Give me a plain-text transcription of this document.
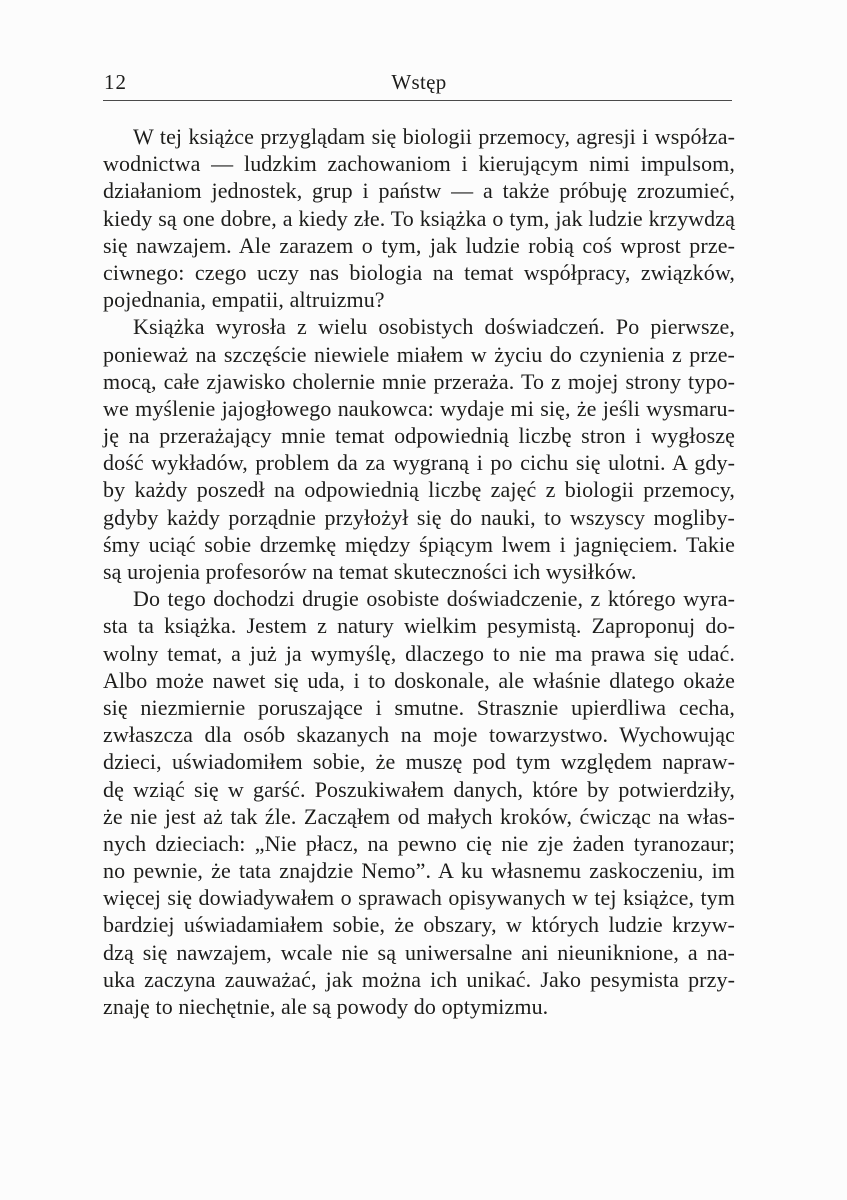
12	Wstęp
W tej książce przyglądam się biologii przemocy, agresji i współza-
wodnictwa — ludzkim zachowaniom i kierującym nimi impulsom,
działaniom jednostek, grup i państw — a także próbuję zrozumieć,
kiedy są one dobre, a kiedy złe. To książka o tym, jak ludzie krzywdzą
się nawzajem. Ale zarazem o tym, jak ludzie robią coś wprost prze-
ciwnego: czego uczy nas biologia na temat współpracy, związków,
pojednania, empatii, altruizmu?
Książka wyrosła z wielu osobistych doświadczeń. Po pierwsze,
ponieważ na szczęście niewiele miałem w życiu do czynienia z prze-
mocą, całe zjawisko cholernie mnie przeraża. To z mojej strony typo-
we myślenie jajogłowego naukowca: wydaje mi się, że jeśli wysmaru-
ję na przerażający mnie temat odpowiednią liczbę stron i wygłoszę
dość wykładów, problem da za wygraną i po cichu się ulotni. A gdy-
by każdy poszedł na odpowiednią liczbę zajęć z biologii przemocy,
gdyby każdy porządnie przyłożył się do nauki, to wszyscy mogliby-
śmy uciąć sobie drzemkę między śpiącym lwem i jagnięciem. Takie
są urojenia profesorów na temat skuteczności ich wysiłków.
Do tego dochodzi drugie osobiste doświadczenie, z którego wyra-
sta ta książka. Jestem z natury wielkim pesymistą. Zaproponuj do-
wolny temat, a już ja wymyślę, dlaczego to nie ma prawa się udać.
Albo może nawet się uda, i to doskonale, ale właśnie dlatego okaże
się niezmiernie poruszające i smutne. Strasznie upierdliwa cecha,
zwłaszcza dla osób skazanych na moje towarzystwo. Wychowując
dzieci, uświadomiłem sobie, że muszę pod tym względem napraw-
dę wziąć się w garść. Poszukiwałem danych, które by potwierdziły,
że nie jest aż tak źle. Zacząłem od małych kroków, ćwicząc na włas-
nych dzieciach: „Nie płacz, na pewno cię nie zje żaden tyranozaur;
no pewnie, że tata znajdzie Nemo”. A ku własnemu zaskoczeniu, im
więcej się dowiadywałem o sprawach opisywanych w tej książce, tym
bardziej uświadamiałem sobie, że obszary, w których ludzie krzyw-
dzą się nawzajem, wcale nie są uniwersalne ani nieuniknione, a na-
uka zaczyna zauważać, jak można ich unikać. Jako pesymista przy-
znaję to niechętnie, ale są powody do optymizmu.
